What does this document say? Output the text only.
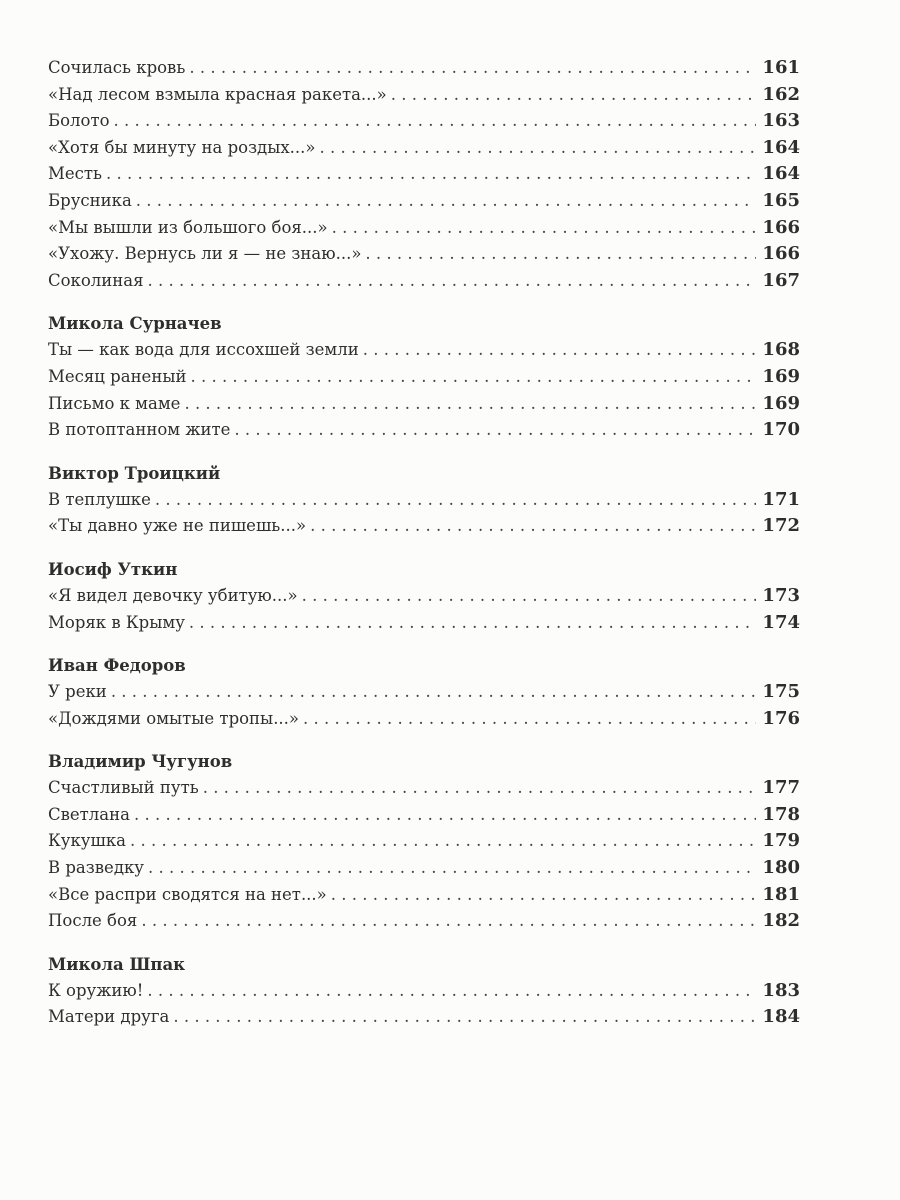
Сочилась кровь . . .	161
«Над лесом взмыла красная ракета...» . . .	162
Болото . . .	163
«Хотя бы минуту на роздых...» . . .	164
Месть . . .	164
Брусника . . .	165
«Мы вышли из большого боя...» . . .	166
«Ухожу. Вернусь ли я — не знаю...» . . .	166
Соколиная . . .	167
Микола Сурначев
Ты — как вода для иссохшей земли . . .	168
Месяц раненый . . .	169
Письмо к маме . . .	169
В потоптанном жите . . .	170
Виктор Троицкий
В теплушке . . .	171
«Ты давно уже не пишешь...» . . .	172
Иосиф Уткин
«Я видел девочку убитую...» . . .	173
Моряк в Крыму . . .	174
Иван Федоров
У реки . . .	175
«Дождями омытые тропы...» . . .	176
Владимир Чугунов
Счастливый путь . . .	177
Светлана . . .	178
Кукушка . . .	179
В разведку . . .	180
«Все распри сводятся на нет...» . . .	181
После боя . . .	182
Микола Шпак
К оружию! . . .	183
Матери друга . . .	184
